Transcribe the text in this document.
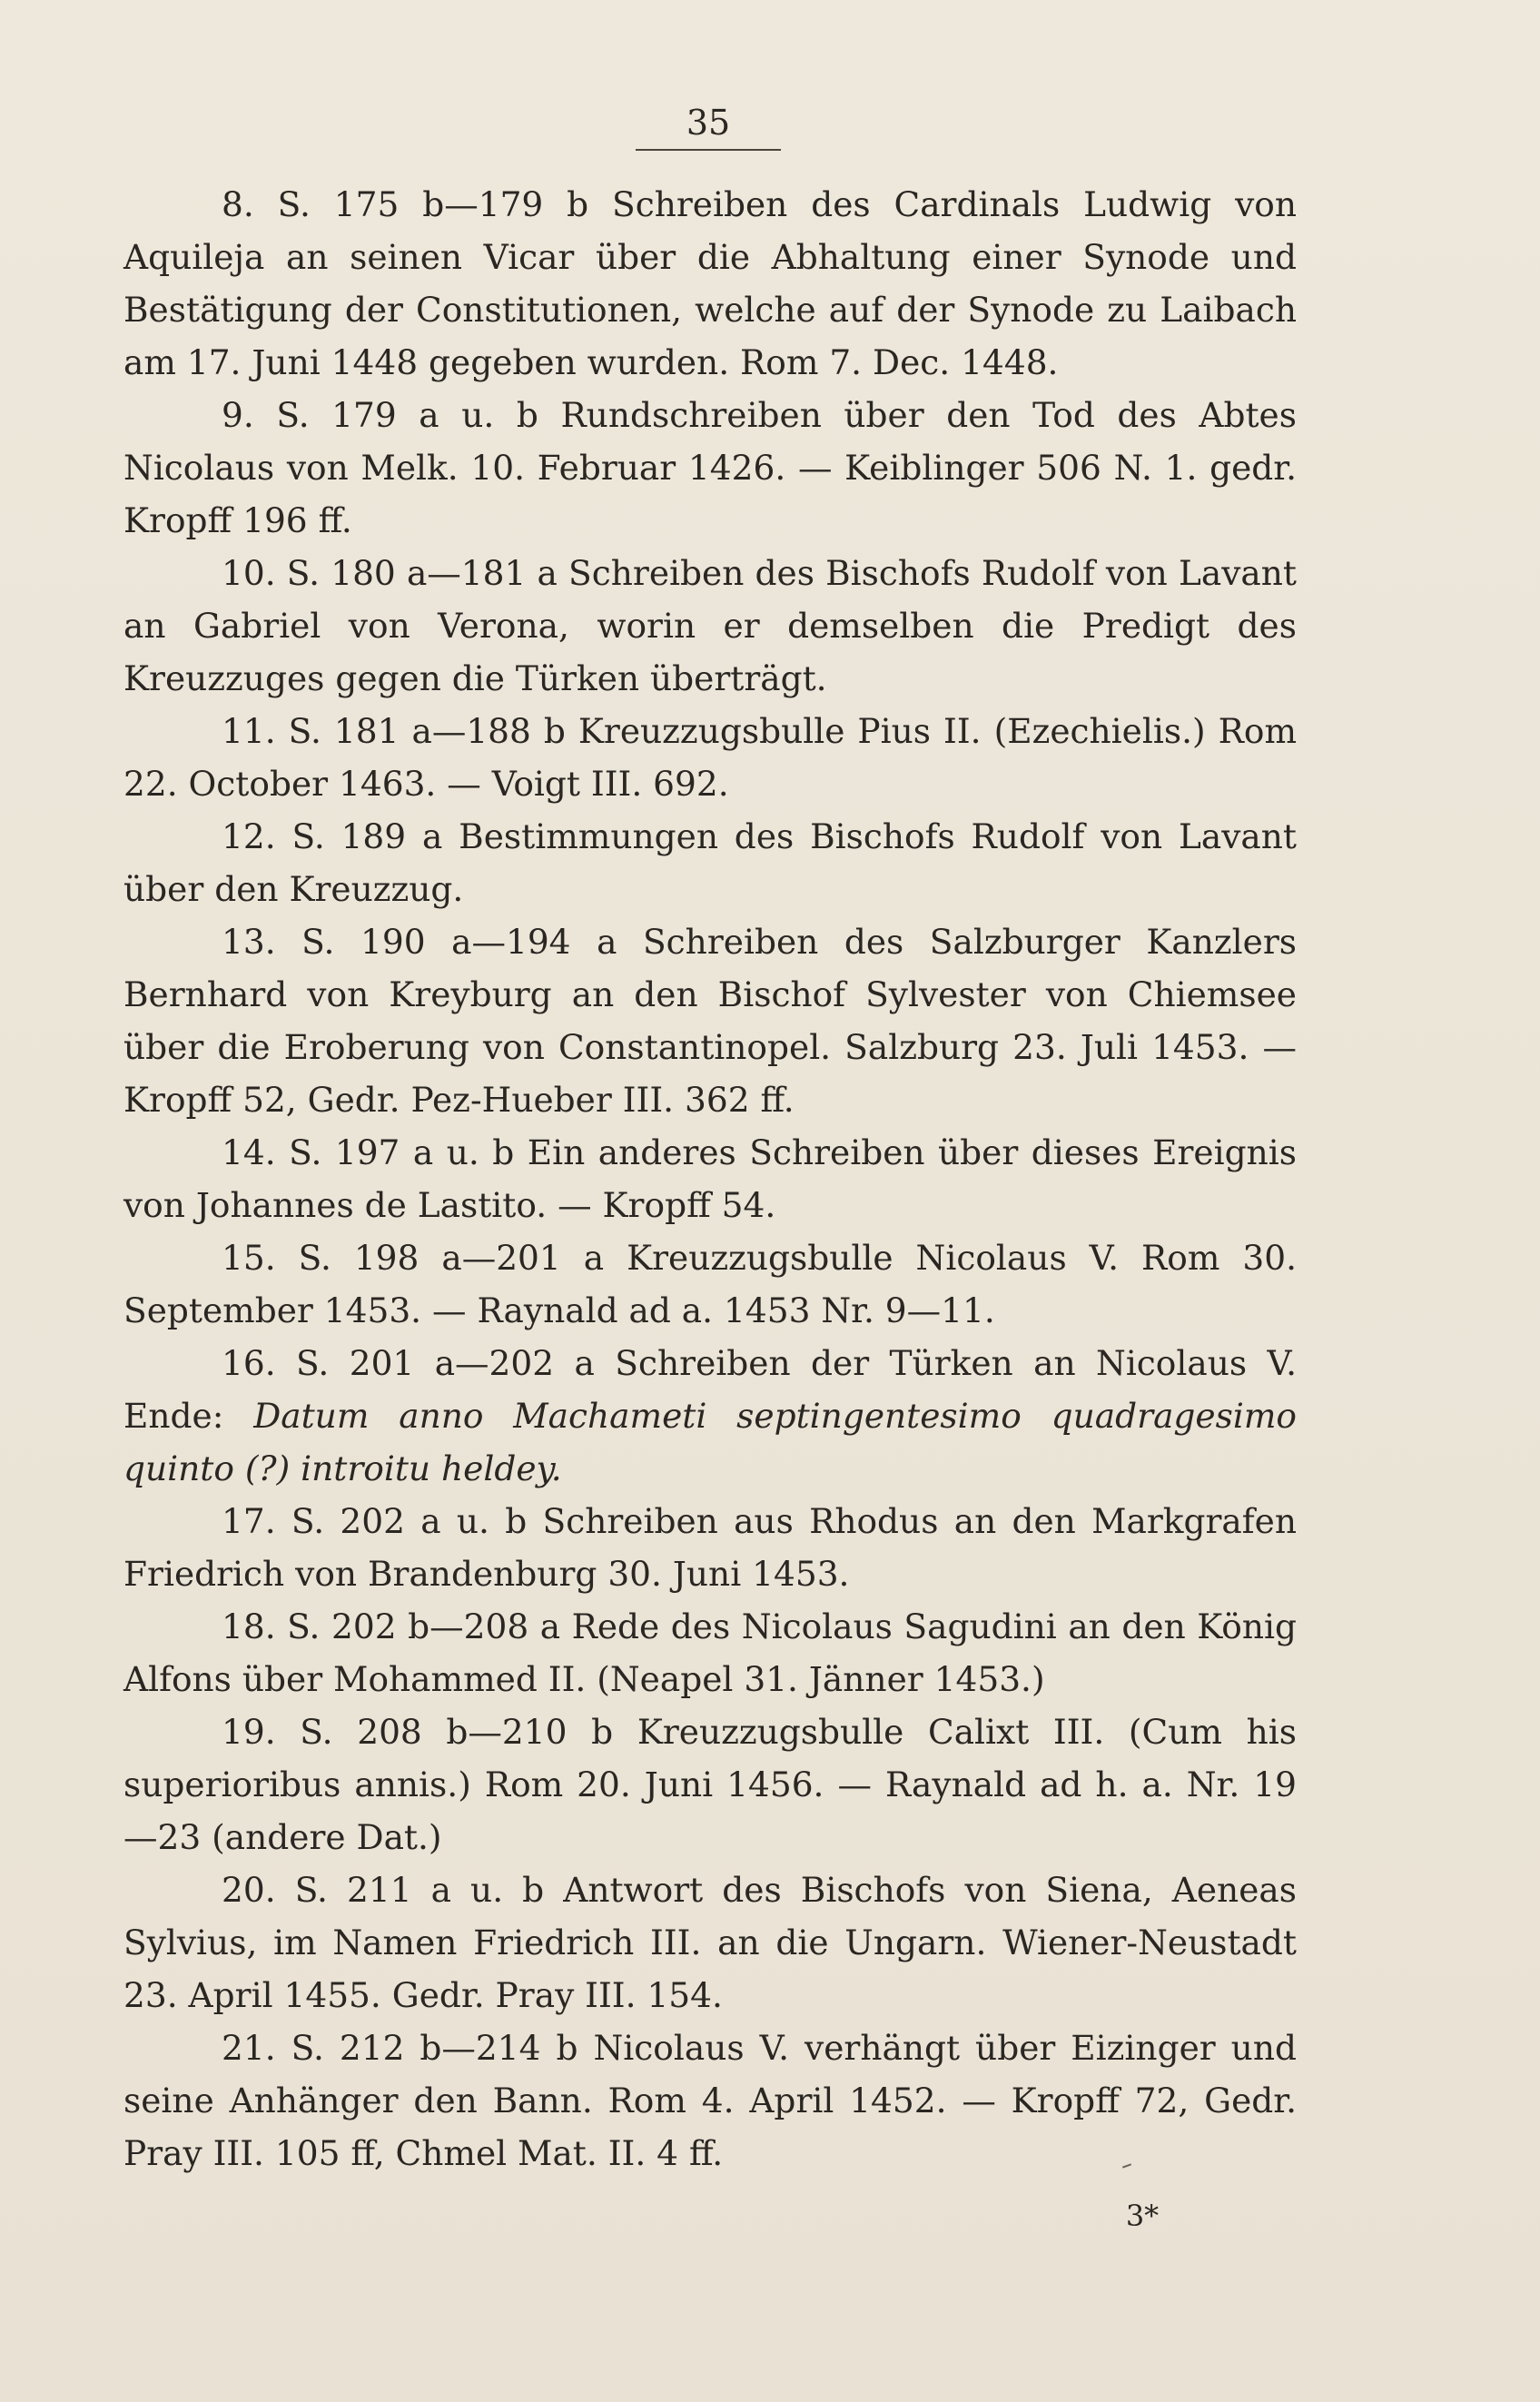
35

8. S. 175 b—179 b Schreiben des Cardinals Ludwig von Aquileja an seinen Vicar über die Abhaltung einer Synode und Bestätigung der Constitutionen, welche auf der Synode zu Laibach am 17. Juni 1448 gegeben wurden. Rom 7. Dec. 1448.

9. S. 179 a u. b Rundschreiben über den Tod des Abtes Nicolaus von Melk. 10. Februar 1426. — Keiblinger 506 N. 1. gedr. Kropff 196 ff.

10. S. 180 a—181 a Schreiben des Bischofs Rudolf von Lavant an Gabriel von Verona, worin er demselben die Predigt des Kreuzzuges gegen die Türken überträgt.

11. S. 181 a—188 b Kreuzzugsbulle Pius II. (Ezechielis.) Rom 22. October 1463. — Voigt III. 692.

12. S. 189 a Bestimmungen des Bischofs Rudolf von Lavant über den Kreuzzug.

13. S. 190 a—194 a Schreiben des Salzburger Kanzlers Bernhard von Kreyburg an den Bischof Sylvester von Chiemsee über die Eroberung von Constantinopel. Salzburg 23. Juli 1453. — Kropff 52, Gedr. Pez-Hueber III. 362 ff.

14. S. 197 a u. b Ein anderes Schreiben über dieses Ereignis von Johannes de Lastito. — Kropff 54.

15. S. 198 a—201 a Kreuzzugsbulle Nicolaus V. Rom 30. September 1453. — Raynald ad a. 1453 Nr. 9—11.

16. S. 201 a—202 a Schreiben der Türken an Nicolaus V. Ende: Datum anno Machameti septingentesimo quadragesimo quinto (?) introitu heldey.

17. S. 202 a u. b Schreiben aus Rhodus an den Markgrafen Friedrich von Brandenburg 30. Juni 1453.

18. S. 202 b—208 a Rede des Nicolaus Sagudini an den König Alfons über Mohammed II. (Neapel 31. Jänner 1453.)

19. S. 208 b—210 b Kreuzzugsbulle Calixt III. (Cum his superioribus annis.) Rom 20. Juni 1456. — Raynald ad h. a. Nr. 19—23 (andere Dat.)

20. S. 211 a u. b Antwort des Bischofs von Siena, Aeneas Sylvius, im Namen Friedrich III. an die Ungarn. Wiener-Neustadt 23. April 1455. Gedr. Pray III. 154.

21. S. 212 b—214 b Nicolaus V. verhängt über Eizinger und seine Anhänger den Bann. Rom 4. April 1452. — Kropff 72, Gedr. Pray III. 105 ff, Chmel Mat. II. 4 ff.

3*
